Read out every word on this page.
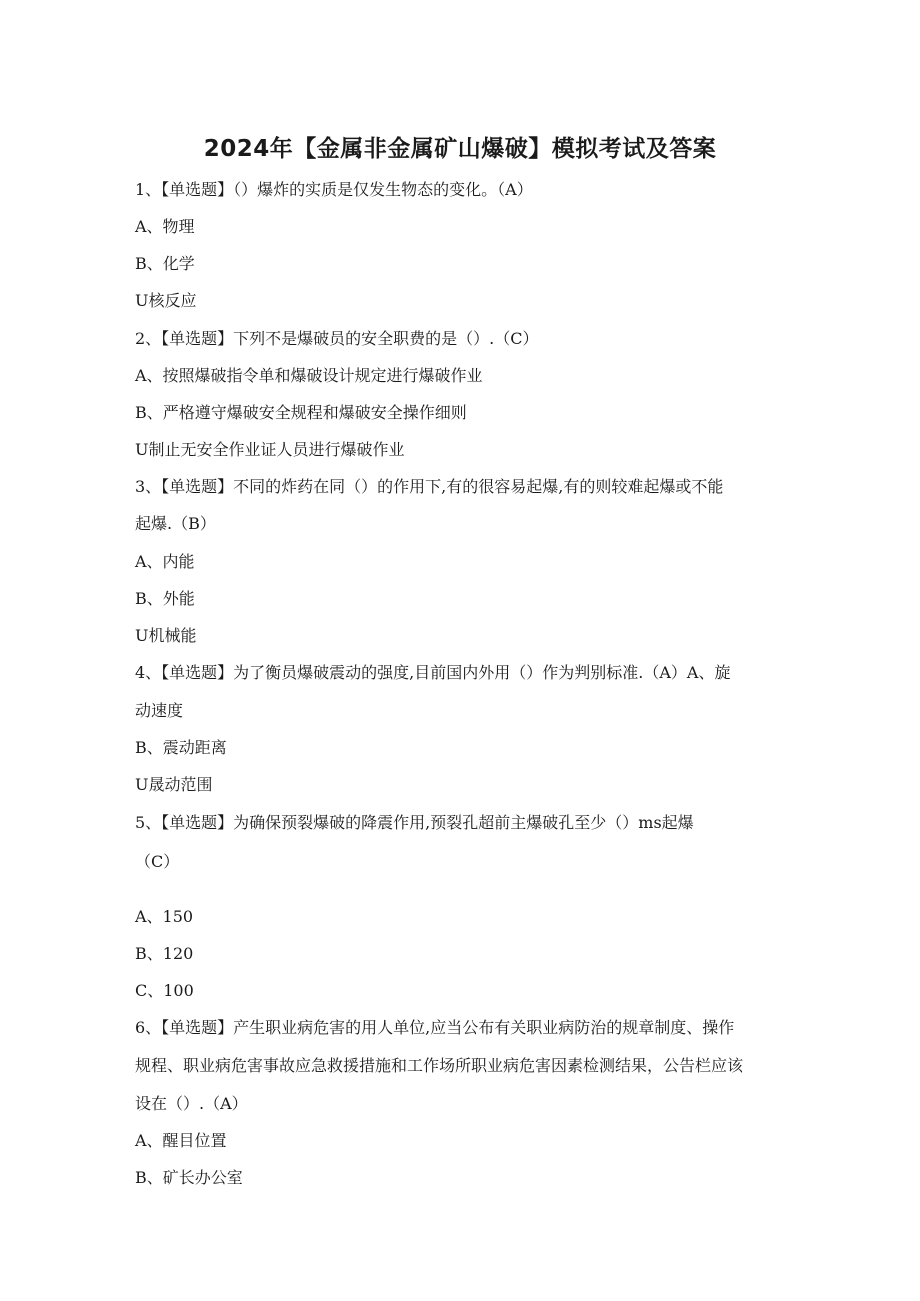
2024年【金属非金属矿山爆破】模拟考试及答案
1、【单选题】（）爆炸的实质是仅发生物态的变化。（A）
A、物理
B、化学
U核反应
2、【单选题】下列不是爆破员的安全职费的是（）.（C）
A、按照爆破指令单和爆破设计规定进行爆破作业
B、严格遵守爆破安全规程和爆破安全操作细则
U制止无安全作业证人员进行爆破作业
3、【单选题】不同的炸药在同（）的作用下,有的很容易起爆,有的则较难起爆或不能
起爆.（B）
A、内能
B、外能
U机械能
4、【单选题】为了衡员爆破震动的强度,目前国内外用（）作为判别标准.（A）A、旋
动速度
B、震动距离
U晟动范围
5、【单选题】为确保预裂爆破的降震作用,预裂孔超前主爆破孔至少（）ms起爆
（C）
A、150
B、120
C、100
6、【单选题】产生职业病危害的用人单位,应当公布有关职业病防治的规章制度、操作
规程、职业病危害事故应急救援措施和工作场所职业病危害因素检测结果，公告栏应该
设在（）.（A）
A、醒目位置
B、矿长办公室
